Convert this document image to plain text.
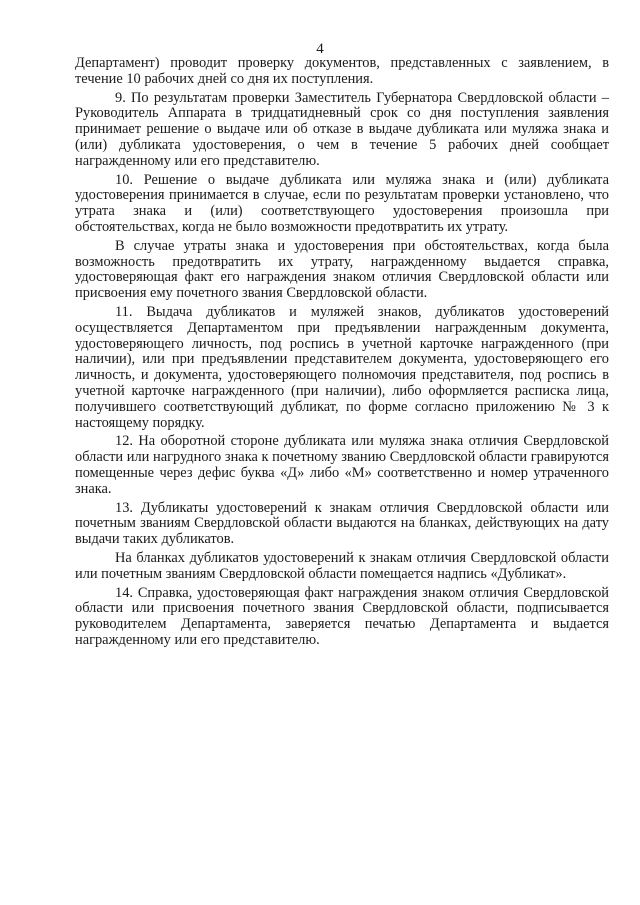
4

Департамент) проводит проверку документов, представленных с заявлением, в течение 10 рабочих дней со дня их поступления.

9. По результатам проверки Заместитель Губернатора Свердловской области – Руководитель Аппарата в тридцатидневный срок со дня поступления заявления принимает решение о выдаче или об отказе в выдаче дубликата или муляжа знака и (или) дубликата удостоверения, о чем в течение 5 рабочих дней сообщает награжденному или его представителю.

10. Решение о выдаче дубликата или муляжа знака и (или) дубликата удостоверения принимается в случае, если по результатам проверки установлено, что утрата знака и (или) соответствующего удостоверения произошла при обстоятельствах, когда не было возможности предотвратить их утрату.

В случае утраты знака и удостоверения при обстоятельствах, когда была возможность предотвратить их утрату, награжденному выдается справка, удостоверяющая факт его награждения знаком отличия Свердловской области или присвоения ему почетного звания Свердловской области.

11. Выдача дубликатов и муляжей знаков, дубликатов удостоверений осуществляется Департаментом при предъявлении награжденным документа, удостоверяющего личность, под роспись в учетной карточке награжденного (при наличии), или при предъявлении представителем документа, удостоверяющего его личность, и документа, удостоверяющего полномочия представителя, под роспись в учетной карточке награжденного (при наличии), либо оформляется расписка лица, получившего соответствующий дубликат, по форме согласно приложению № 3 к настоящему порядку.

12. На оборотной стороне дубликата или муляжа знака отличия Свердловской области или нагрудного знака к почетному званию Свердловской области гравируются помещенные через дефис буква «Д» либо «М» соответственно и номер утраченного знака.

13. Дубликаты удостоверений к знакам отличия Свердловской области или почетным званиям Свердловской области выдаются на бланках, действующих на дату выдачи таких дубликатов.

На бланках дубликатов удостоверений к знакам отличия Свердловской области или почетным званиям Свердловской области помещается надпись «Дубликат».

14. Справка, удостоверяющая факт награждения знаком отличия Свердловской области или присвоения почетного звания Свердловской области, подписывается руководителем Департамента, заверяется печатью Департамента и выдается награжденному или его представителю.
